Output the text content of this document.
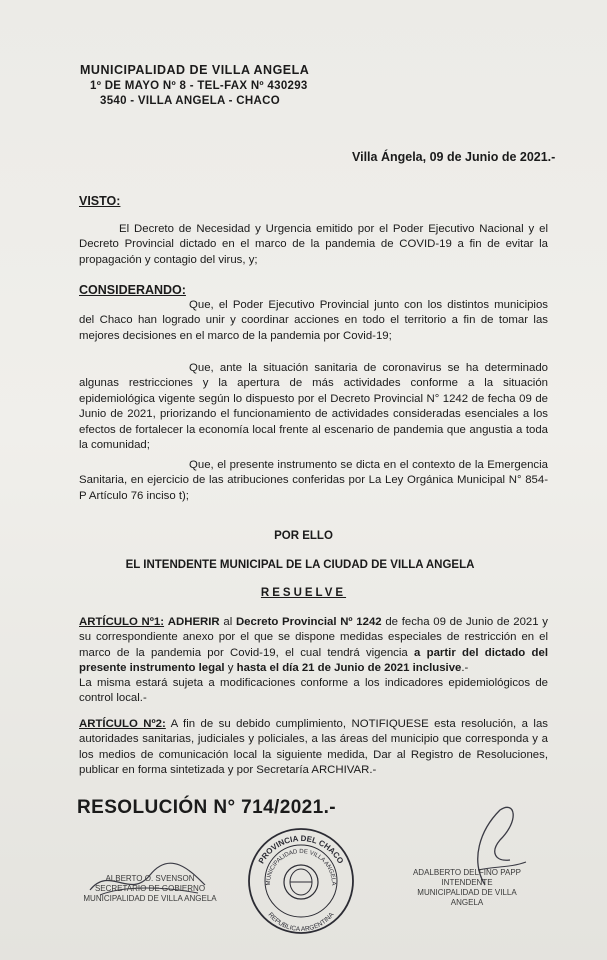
MUNICIPALIDAD DE VILLA ANGELA
1º DE MAYO Nº 8 - TEL-FAX Nº 430293
3540 - VILLA ANGELA - CHACO
Villa Ángela, 09 de Junio de 2021.-
VISTO:
El Decreto de Necesidad y Urgencia emitido por el Poder Ejecutivo Nacional y el Decreto Provincial dictado en el marco de la pandemia de COVID-19 a fin de evitar la propagación y contagio del virus, y;
CONSIDERANDO:
Que, el Poder Ejecutivo Provincial junto con los distintos municipios del Chaco han logrado unir y coordinar acciones en todo el territorio a fin de tomar las mejores decisiones en el marco de la pandemia por Covid-19;
Que, ante la situación sanitaria de coronavirus se ha determinado algunas restricciones y la apertura de más actividades conforme a la situación epidemiológica vigente según lo dispuesto por el Decreto Provincial N° 1242 de fecha 09 de Junio de 2021, priorizando el funcionamiento de actividades consideradas esenciales a los efectos de fortalecer la economía local frente al escenario de pandemia que angustia a toda la comunidad;
Que, el presente instrumento se dicta en el contexto de la Emergencia Sanitaria, en ejercicio de las atribuciones conferidas por La Ley Orgánica Municipal N° 854-P Artículo 76 inciso t);
POR ELLO
EL INTENDENTE MUNICIPAL DE LA CIUDAD DE VILLA ANGELA
RESUELVE
ARTÍCULO Nº1: ADHERIR al Decreto Provincial Nº 1242 de fecha 09 de Junio de 2021 y su correspondiente anexo por el que se dispone medidas especiales de restricción en el marco de la pandemia por Covid-19, el cual tendrá vigencia a partir del dictado del presente instrumento legal y hasta el día 21 de Junio de 2021 inclusive.-
La misma estará sujeta a modificaciones conforme a los indicadores epidemiológicos de control local.-
ARTÍCULO Nº2: A fin de su debido cumplimiento, NOTIFIQUESE esta resolución, a las autoridades sanitarias, judiciales y policiales, a las áreas del municipio que corresponda y a los medios de comunicación local la siguiente medida, Dar al Registro de Resoluciones, publicar en forma sintetizada y por Secretaría ARCHIVAR.-
RESOLUCIÓN N° 714/2021.-
ALBERTO O. SVENSON
SECRETARIO DE GOBIERNO
MUNICIPALIDAD DE VILLA ANGELA
PROVINCIA DEL CHACO
MUNICIPALIDAD DE VILLA ANGELA
REPUBLICA ARGENTINA
ADALBERTO DELFINO PAPP
INTENDENTE
MUNICIPALIDAD DE VILLA ANGELA
